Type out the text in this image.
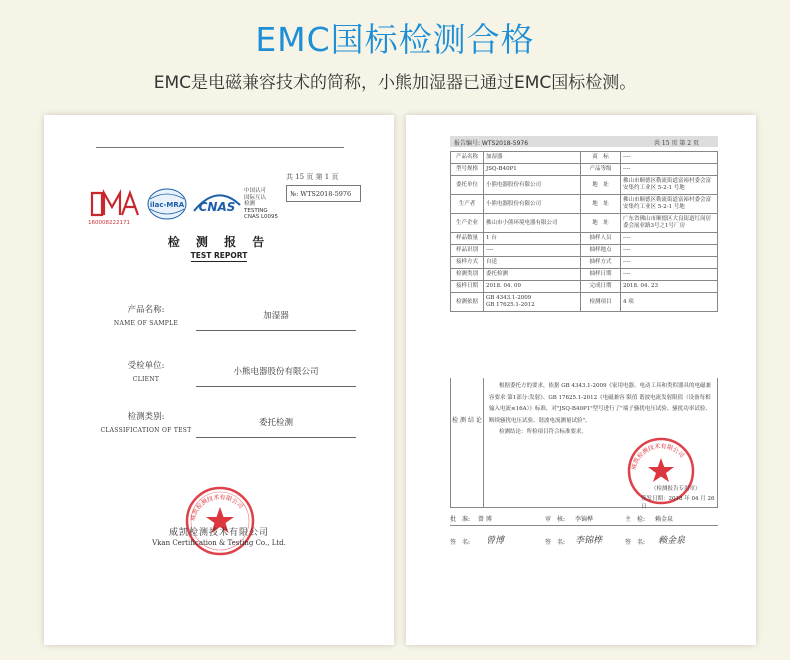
EMC国标检测合格
EMC是电磁兼容技术的简称，小熊加湿器已通过EMC国标检测。
共 15 页 第 1 页
№: WTS2018-5976
160008222171
ilac-MRA CNAS
中国认可
国际互认
检测
TESTING
CNAS L0095
检 测 报 告
TEST REPORT
产品名称:
NAME OF SAMPLE
加湿器
受检单位:
CLIENT
小熊电器股份有限公司
检测类别:
CLASSIFICATION OF TEST
委托检测
威凯检测技术有限公司
威凯检测技术有限公司
Vkan Certification & Testing Co., Ltd.
报告编号: WTS2018-5976	共 15 页 第 2 页
产品名称	加湿器	商　标	----
型号规格	JSQ-B40P1	产品等级	----
委托单位	小熊电器股份有限公司	地　址	佛山市顺德区勒流街道富裕村委会富安集约工业区 5-2-1 号地
生产者	小熊电器股份有限公司	地　址	佛山市顺德区勒流街道富裕村委会富安集约工业区 5-2-1 号地
生产企业	佛山市小熊环境电器有限公司	地　址	广东省佛山市顺德区大良街道红岗居委会展业路3号之1号厂房
样品数量	1 台	抽样人员	----
样品识别	----	抽样地点	----
接样方式	自送	抽样方式	----
检测类别	委托检测	抽样日期	----
接样日期	2018. 04. 09	完成日期	2018. 04. 23
检测依据	GB 4343.1-2009
GB 17625.1-2012	检测项目	4 项
检 测 结 论

根据委托方的要求，依据 GB 4343.1-2009《家用电器、电动工具和类似器具的电磁兼容要求 第1部分:发射》、GB 17625.1-2012《电磁兼容 限值 谐波电流发射限值（设备每相输入电流≤16A）》标准，对"JSQ-B40P1"型号进行了"端子骚扰电压试验、骚扰功率试验、断续骚扰电压试验、谐波电流测量试验"。

检测结论：所检项目符合标准要求。

威凯检测技术有限公司
（检测报告专用章）
签发日期：2018 年 04 月 26 日
批　准: 曾 博	审　核: 李锦桦	主　检: 赖金泉
签　名: 曾博	签　名: 李锦桦	签　名: 赖金泉
